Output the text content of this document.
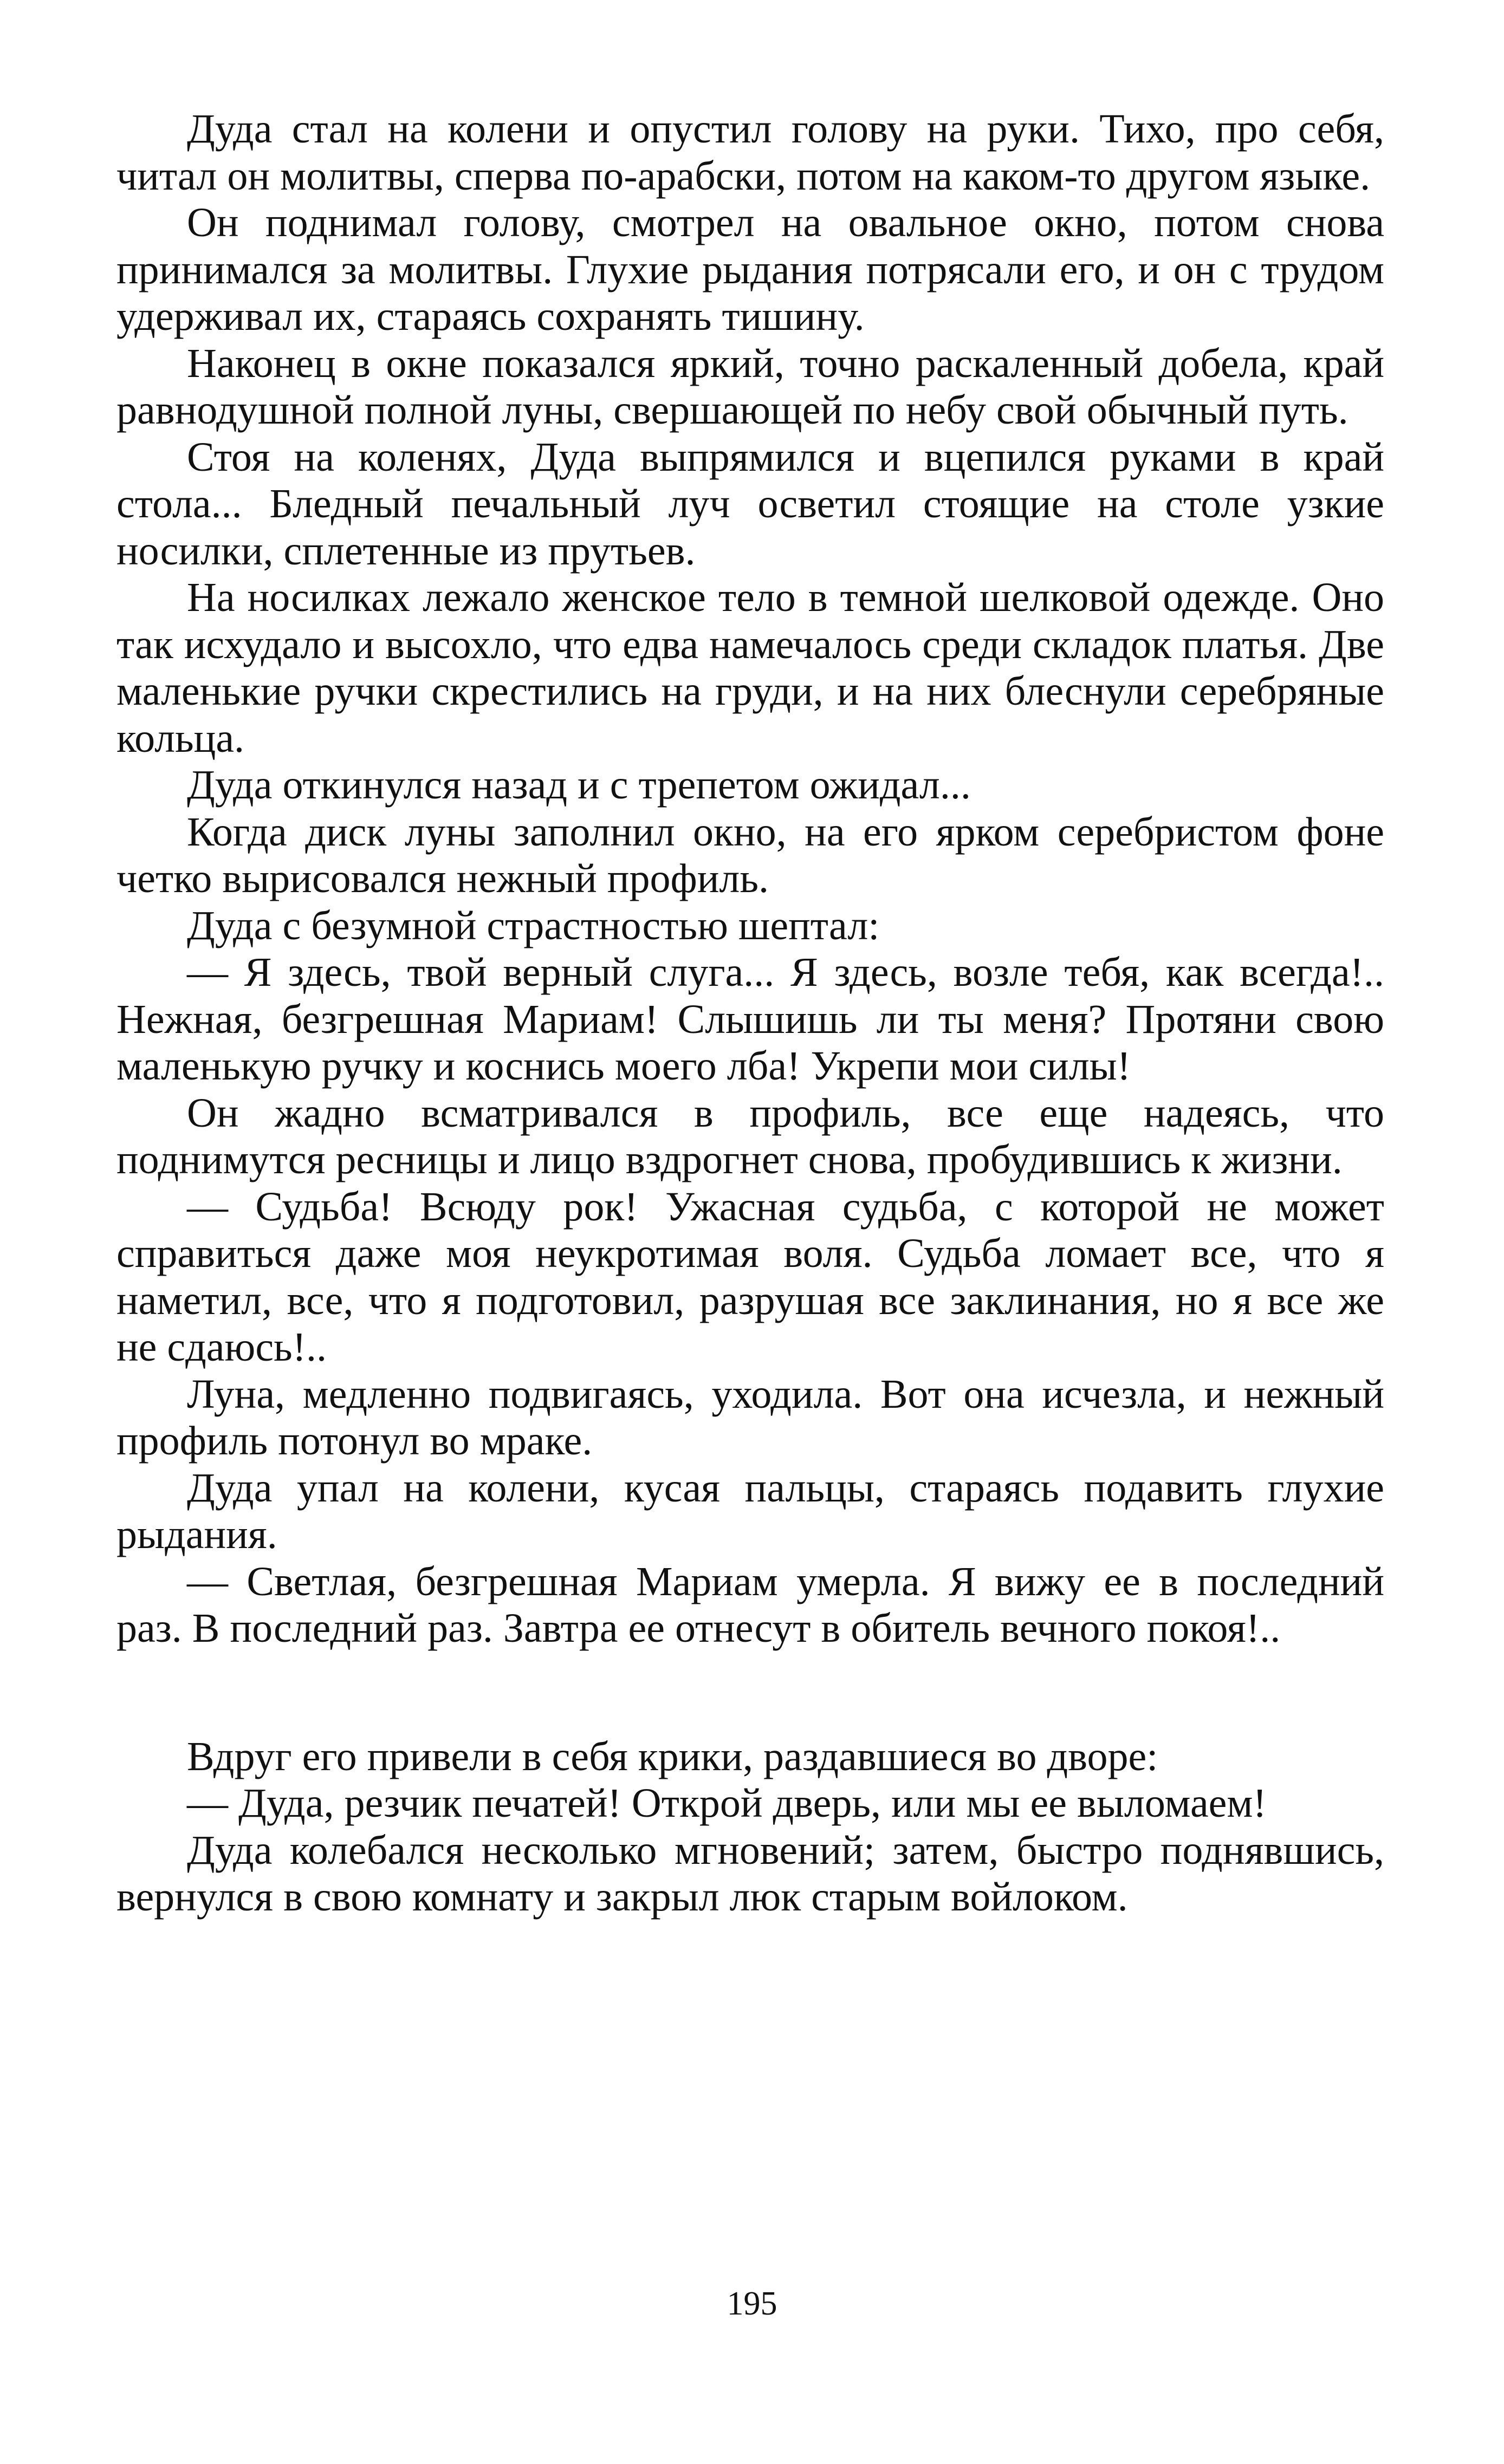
Дуда стал на колени и опустил голову на руки. Тихо, про себя, читал он молитвы, сперва по-арабски, потом на каком-то другом языке.

Он поднимал голову, смотрел на овальное окно, потом снова принимался за молитвы. Глухие рыдания потрясали его, и он с трудом удерживал их, стараясь сохранять тишину.

Наконец в окне показался яркий, точно раскаленный добела, край равнодушной полной луны, свершающей по небу свой обычный путь.

Стоя на коленях, Дуда выпрямился и вцепился руками в край стола... Бледный печальный луч осветил стоящие на столе узкие носилки, сплетенные из прутьев.

На носилках лежало женское тело в темной шелковой одежде. Оно так исхудало и высохло, что едва намечалось среди складок платья. Две маленькие ручки скрестились на груди, и на них блеснули серебряные кольца.

Дуда откинулся назад и с трепетом ожидал...

Когда диск луны заполнил окно, на его ярком серебристом фоне четко вырисовался нежный профиль.

Дуда с безумной страстностью шептал:

— Я здесь, твой верный слуга... Я здесь, возле тебя, как всегда!.. Нежная, безгрешная Мариам! Слышишь ли ты меня? Протяни свою маленькую ручку и коснись моего лба! Укрепи мои силы!

Он жадно всматривался в профиль, все еще надеясь, что поднимутся ресницы и лицо вздрогнет снова, пробудившись к жизни.

— Судьба! Всюду рок! Ужасная судьба, с которой не может справиться даже моя неукротимая воля. Судьба ломает все, что я наметил, все, что я подготовил, разрушая все заклинания, но я все же не сдаюсь!..

Луна, медленно подвигаясь, уходила. Вот она исчезла, и нежный профиль потонул во мраке.

Дуда упал на колени, кусая пальцы, стараясь подавить глухие рыдания.

— Светлая, безгрешная Мариам умерла. Я вижу ее в последний раз. В последний раз. Завтра ее отнесут в обитель вечного покоя!..

Вдруг его привели в себя крики, раздавшиеся во дворе:

— Дуда, резчик печатей! Открой дверь, или мы ее выломаем!

Дуда колебался несколько мгновений; затем, быстро поднявшись, вернулся в свою комнату и закрыл люк старым войлоком.

195
